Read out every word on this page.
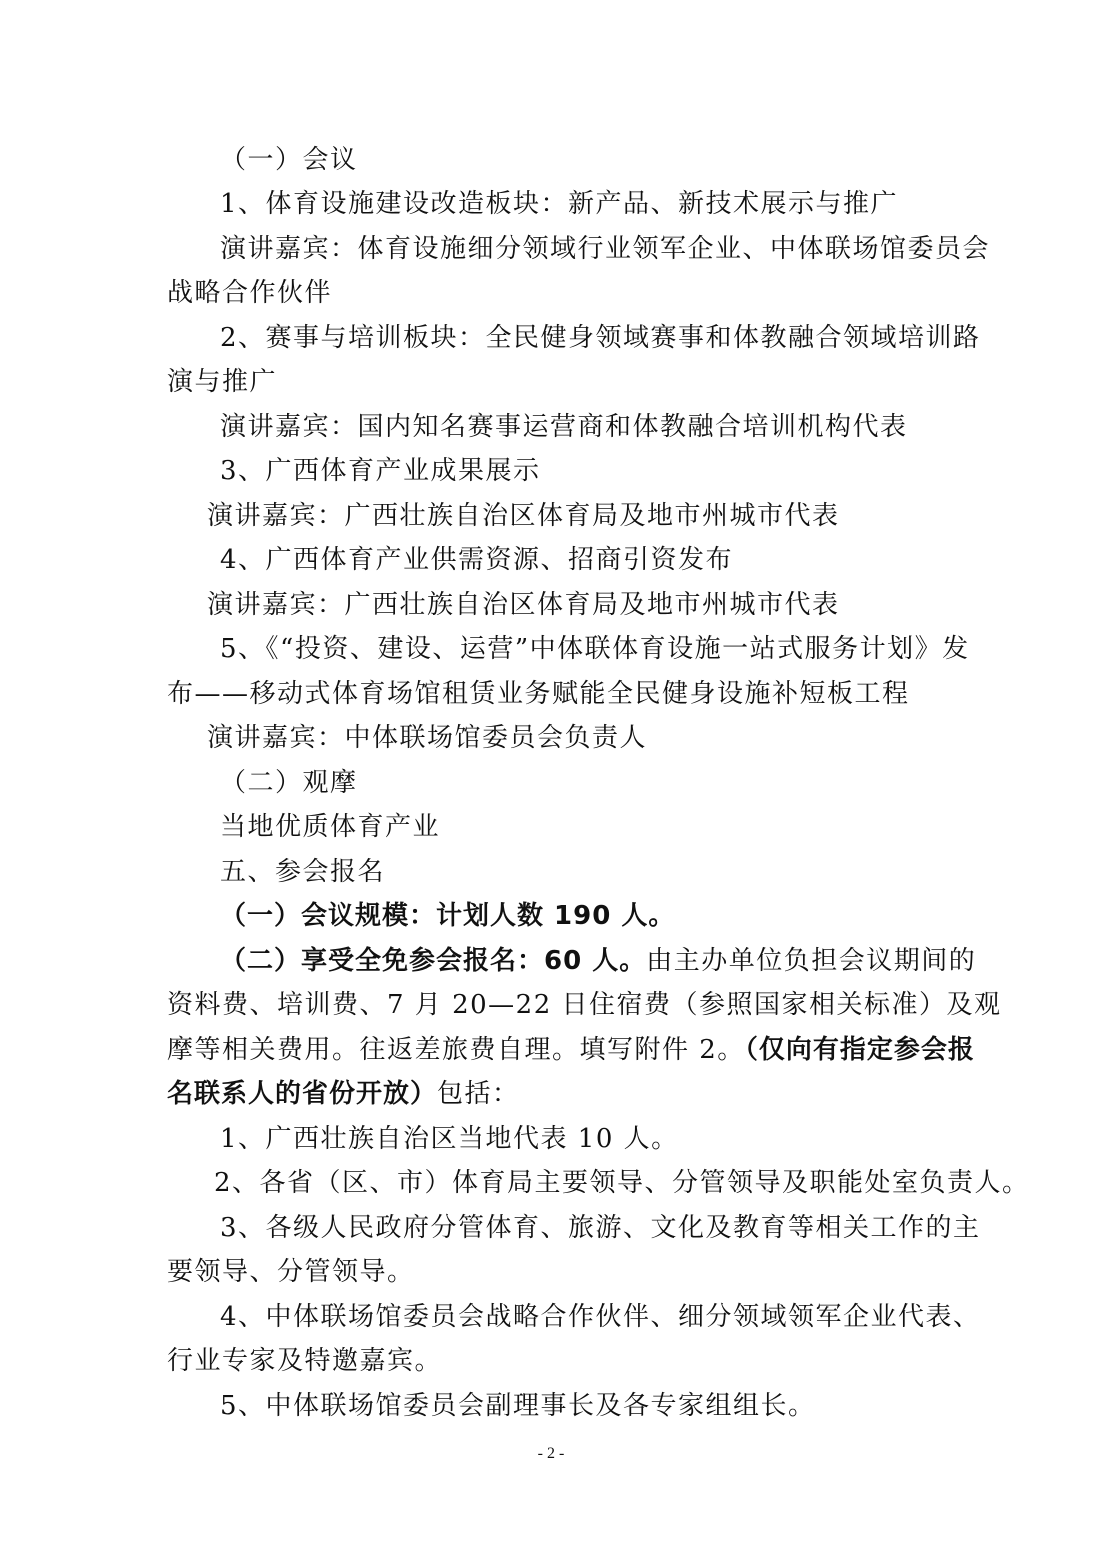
（一）会议

1、体育设施建设改造板块：新产品、新技术展示与推广

演讲嘉宾：体育设施细分领域行业领军企业、中体联场馆委员会

战略合作伙伴

2、赛事与培训板块：全民健身领域赛事和体教融合领域培训路

演与推广

演讲嘉宾：国内知名赛事运营商和体教融合培训机构代表

3、广西体育产业成果展示

演讲嘉宾：广西壮族自治区体育局及地市州城市代表

4、广西体育产业供需资源、招商引资发布

演讲嘉宾：广西壮族自治区体育局及地市州城市代表

5、《“投资、建设、运营”中体联体育设施一站式服务计划》发

布——移动式体育场馆租赁业务赋能全民健身设施补短板工程

演讲嘉宾：中体联场馆委员会负责人

（二）观摩

当地优质体育产业

五、参会报名

（一）会议规模：计划人数 190 人。

（二）享受全免参会报名：60 人。由主办单位负担会议期间的

资料费、培训费、7 月 20—22 日住宿费（参照国家相关标准）及观

摩等相关费用。往返差旅费自理。填写附件 2。（仅向有指定参会报

名联系人的省份开放）包括：

1、广西壮族自治区当地代表 10 人。

2、各省（区、市）体育局主要领导、分管领导及职能处室负责人。

3、各级人民政府分管体育、旅游、文化及教育等相关工作的主

要领导、分管领导。

4、中体联场馆委员会战略合作伙伴、细分领域领军企业代表、

行业专家及特邀嘉宾。

5、中体联场馆委员会副理事长及各专家组组长。

- 2 -
